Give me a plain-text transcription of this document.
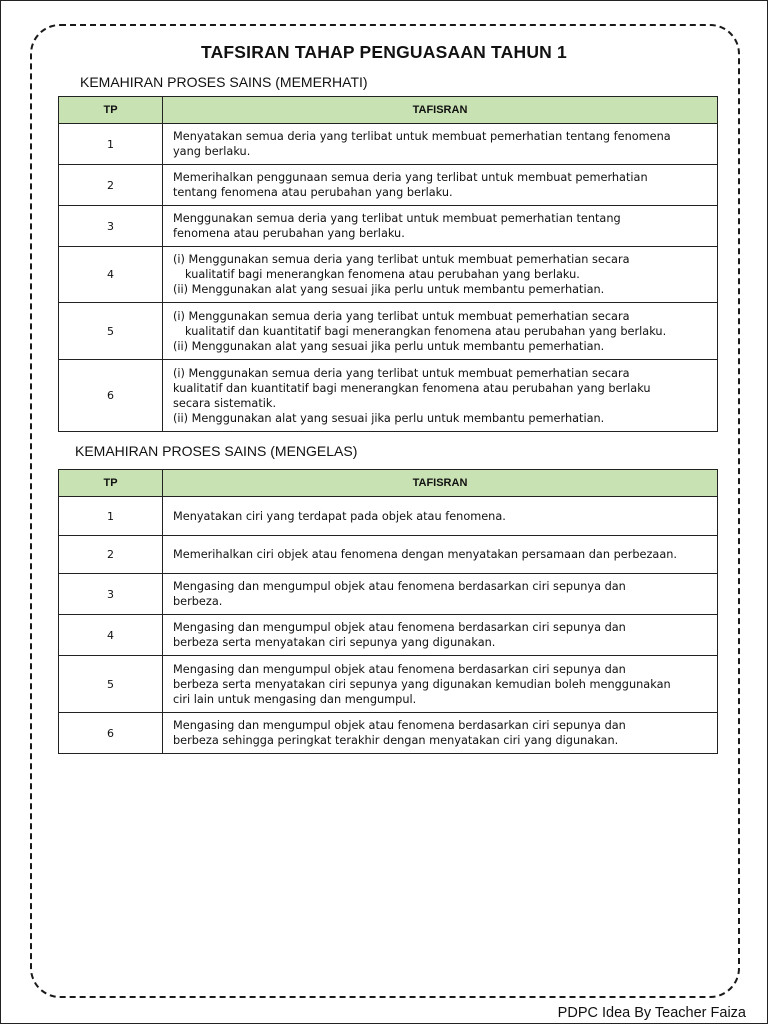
TAFSIRAN TAHAP PENGUASAAN TAHUN 1
KEMAHIRAN PROSES SAINS (MEMERHATI)
TP	TAFISRAN
1	Menyatakan semua deria yang terlibat untuk membuat pemerhatian tentang fenomena
yang berlaku.

2	Memerihalkan penggunaan semua deria yang terlibat untuk membuat pemerhatian
tentang fenomena atau perubahan yang berlaku.

3	Menggunakan semua deria yang terlibat untuk membuat pemerhatian tentang
fenomena atau perubahan yang berlaku.

4	(i) Menggunakan semua deria yang terlibat untuk membuat pemerhatian secara
kualitatif bagi menerangkan fenomena atau perubahan yang berlaku.
(ii) Menggunakan alat yang sesuai jika perlu untuk membantu pemerhatian.

5	(i) Menggunakan semua deria yang terlibat untuk membuat pemerhatian secara
kualitatif dan kuantitatif bagi menerangkan fenomena atau perubahan yang berlaku.
(ii) Menggunakan alat yang sesuai jika perlu untuk membantu pemerhatian.

6	(i) Menggunakan semua deria yang terlibat untuk membuat pemerhatian secara
kualitatif dan kuantitatif bagi menerangkan fenomena atau perubahan yang berlaku
secara sistematik.
(ii) Menggunakan alat yang sesuai jika perlu untuk membantu pemerhatian.
KEMAHIRAN PROSES SAINS (MENGELAS)
TP	TAFISRAN
1	Menyatakan ciri yang terdapat pada objek atau fenomena.

2	Memerihalkan ciri objek atau fenomena dengan menyatakan persamaan dan perbezaan.

3	Mengasing dan mengumpul objek atau fenomena berdasarkan ciri sepunya dan
berbeza.

4	Mengasing dan mengumpul objek atau fenomena berdasarkan ciri sepunya dan
berbeza serta menyatakan ciri sepunya yang digunakan.

5	Mengasing dan mengumpul objek atau fenomena berdasarkan ciri sepunya dan
berbeza serta menyatakan ciri sepunya yang digunakan kemudian boleh menggunakan
ciri lain untuk mengasing dan mengumpul.

6	Mengasing dan mengumpul objek atau fenomena berdasarkan ciri sepunya dan
berbeza sehingga peringkat terakhir dengan menyatakan ciri yang digunakan.
PDPC Idea By Teacher Faiza
